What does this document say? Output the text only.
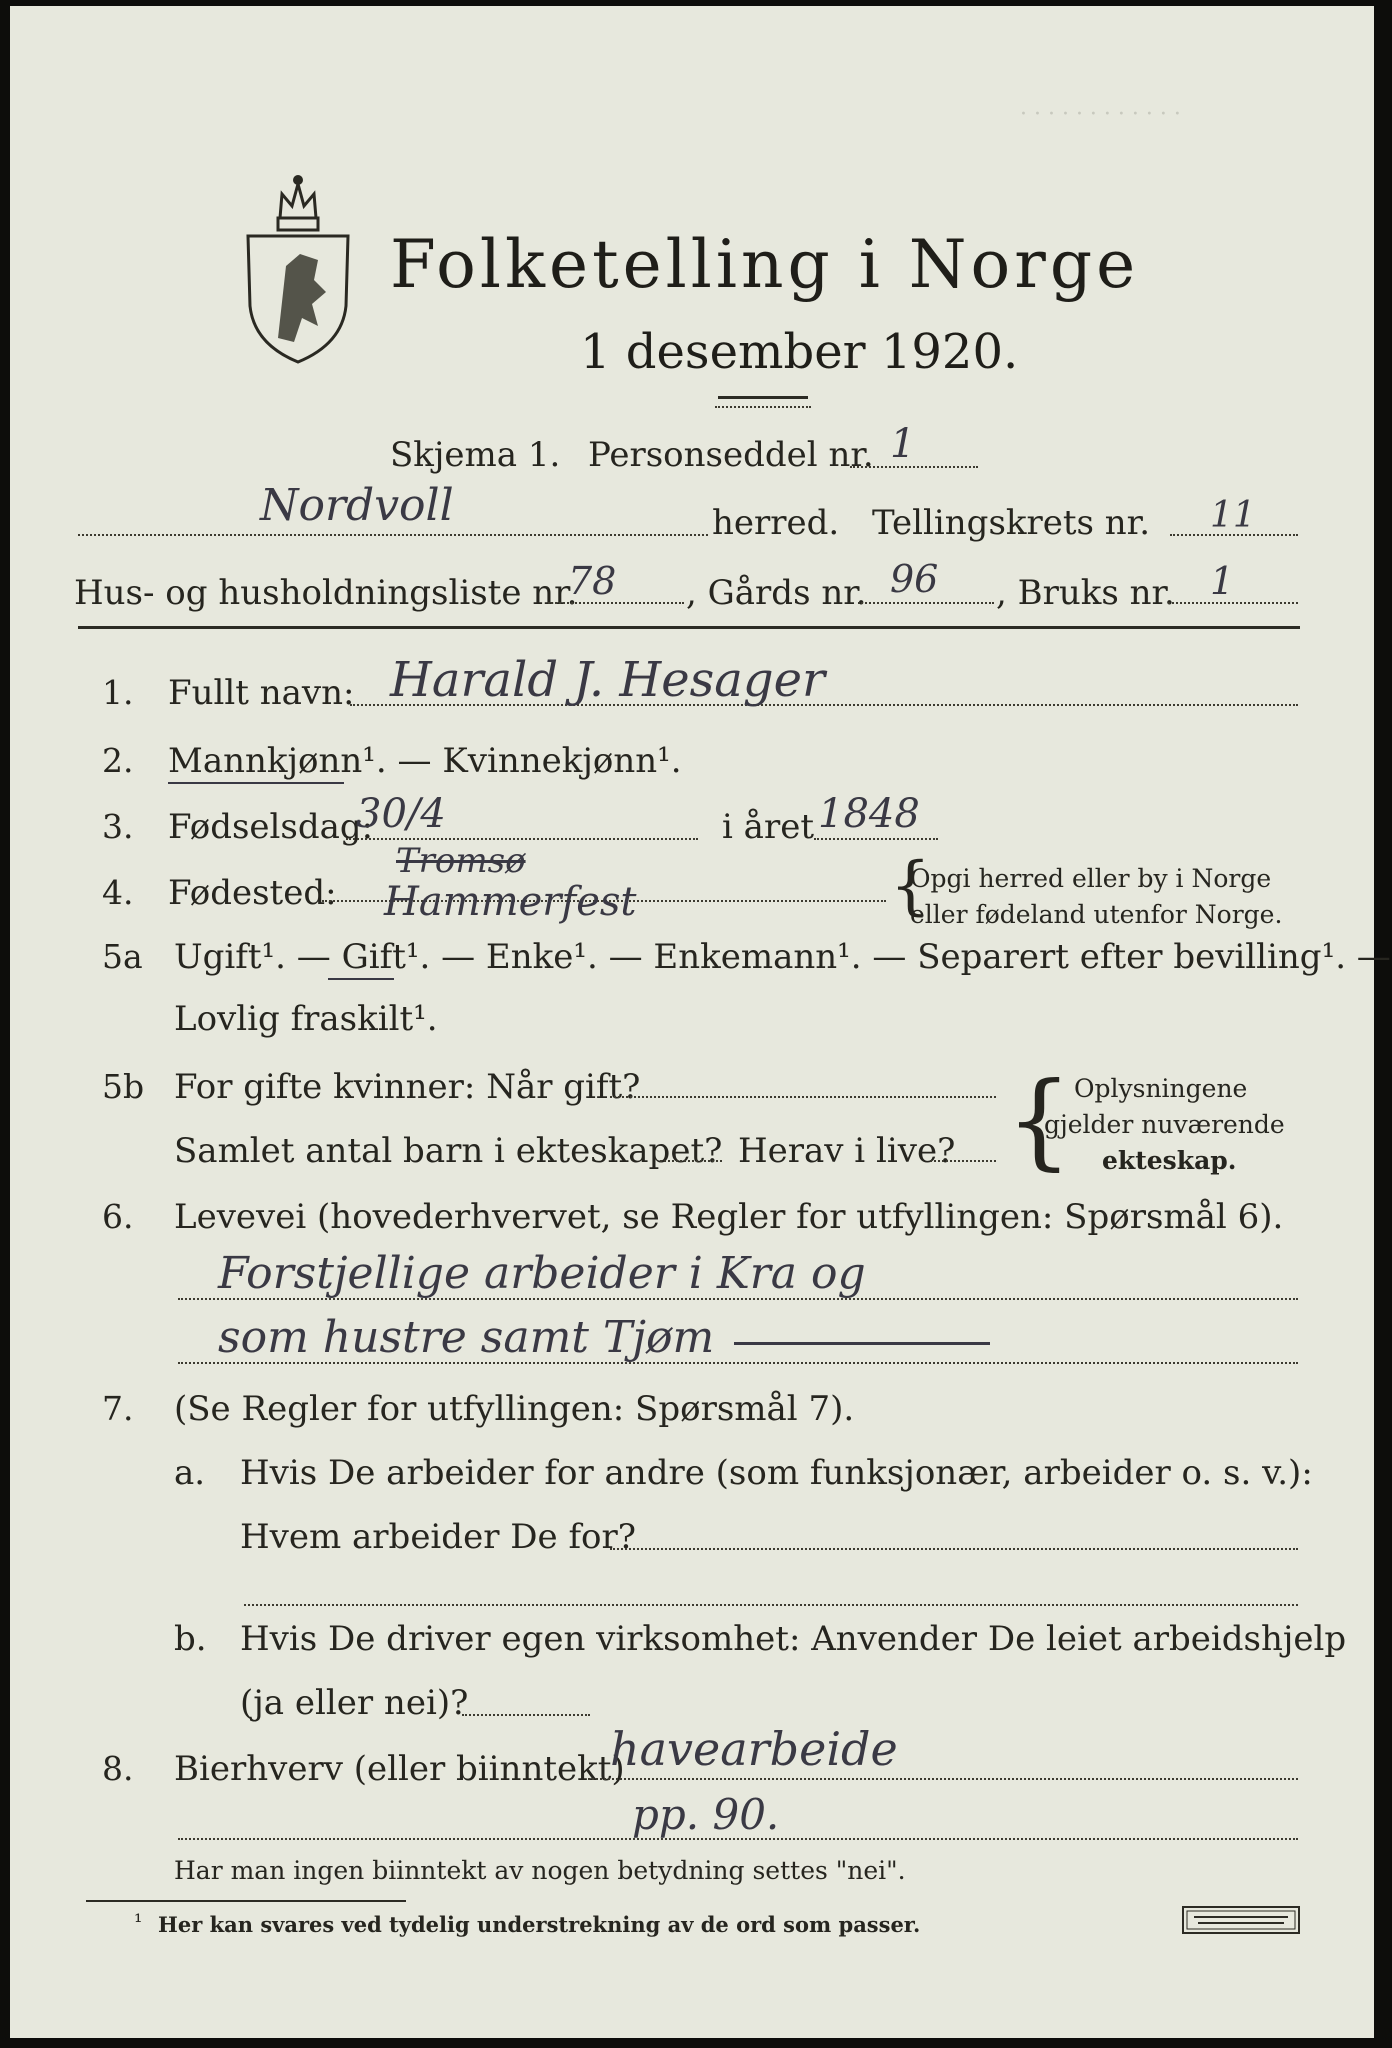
· · · · · · · · · · · ·
Folketelling i Norge
1 desember 1920.
Skjema 1. Personseddel nr. 1
Nordvoll	herred. Tellingskrets nr. 11
Hus- og husholdningsliste nr.
78 , Gårds nr. 96 , Bruks nr. 1
1. Fullt navn: Harald J. Hesager
2. Mannkjønn¹. — Kvinnekjønn¹.
3. Fødselsdag:
30/4	i året 1848
4. Fødested:
Tromsø
Hammerfest	{
Opgi herred eller by i Norge
eller fødeland utenfor Norge.
5a Ugift¹. — Gift¹. — Enke¹. — Enkemann¹. — Separert efter bevilling¹. —
Lovlig fraskilt¹.
5b For gifte kvinner: Når gift?
Samlet antal barn i ekteskapet? Herav i live? { Oplysningene
gjelder nuværende
ekteskap.
6. Levevei (hovederhvervet, se Regler for utfyllingen: Spørsmål 6).
Forstjellige arbeider i Kra og
som hustre samt Tjøm
7. (Se Regler for utfyllingen: Spørsmål 7).
a. Hvis De arbeider for andre (som funksjonær, arbeider o. s. v.):
Hvem arbeider De for?
b. Hvis De driver egen virksomhet: Anvender De leiet arbeidshjelp
(ja eller nei)?
8. Bierhverv (eller biinntekt)
havearbeide
pp. 90.
Har man ingen biinntekt av nogen betydning settes "nei".
¹ Her kan svares ved tydelig understrekning av de ord som passer.
